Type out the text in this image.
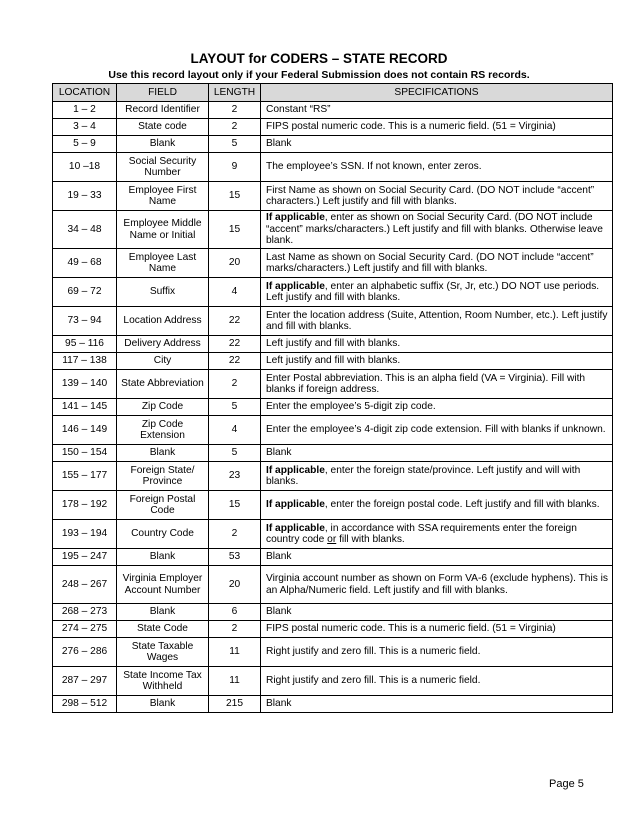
LAYOUT for CODERS – STATE RECORD
Use this record layout only if your Federal Submission does not contain RS records.
LOCATION	FIELD	LENGTH	SPECIFICATIONS
1 – 2	Record Identifier	2	Constant “RS”
3 – 4	State code	2	FIPS postal numeric code. This is a numeric field. (51 = Virginia)
5 – 9	Blank	5	Blank
10 –18	Social Security Number	9	The employee’s SSN. If not known, enter zeros.
19 – 33	Employee First Name	15	First Name as shown on Social Security Card. (DO NOT include “accent” characters.) Left justify and fill with blanks.
34 – 48	Employee Middle Name or Initial	15	If applicable, enter as shown on Social Security Card. (DO NOT include “accent” marks/characters.) Left justify and fill with blanks. Otherwise leave blank.
49 – 68	Employee Last Name	20	Last Name as shown on Social Security Card. (DO NOT include “accent” marks/characters.) Left justify and fill with blanks.
69 – 72	Suffix	4	If applicable, enter an alphabetic suffix (Sr, Jr, etc.) DO NOT use periods. Left justify and fill with blanks.
73 – 94	Location Address	22	Enter the location address (Suite, Attention, Room Number, etc.). Left justify and fill with blanks.
95 – 116	Delivery Address	22	Left justify and fill with blanks.
117 – 138	City	22	Left justify and fill with blanks.
139 – 140	State Abbreviation	2	Enter Postal abbreviation. This is an alpha field (VA = Virginia). Fill with blanks if foreign address.
141 – 145	Zip Code	5	Enter the employee’s 5-digit zip code.
146 – 149	Zip Code Extension	4	Enter the employee’s 4-digit zip code extension. Fill with blanks if unknown.
150 – 154	Blank	5	Blank
155 – 177	Foreign State/ Province	23	If applicable, enter the foreign state/province. Left justify and will with blanks.
178 – 192	Foreign Postal Code	15	If applicable, enter the foreign postal code. Left justify and fill with blanks.
193 – 194	Country Code	2	If applicable, in accordance with SSA requirements enter the foreign country code or fill with blanks.
195 – 247	Blank	53	Blank
248 – 267	Virginia Employer Account Number	20	Virginia account number as shown on Form VA-6 (exclude hyphens). This is an Alpha/Numeric field. Left justify and fill with blanks.
268 – 273	Blank	6	Blank
274 – 275	State Code	2	FIPS postal numeric code. This is a numeric field. (51 = Virginia)
276 – 286	State Taxable Wages	11	Right justify and zero fill. This is a numeric field.
287 – 297	State Income Tax Withheld	11	Right justify and zero fill. This is a numeric field.
298 – 512	Blank	215	Blank
Page 5
